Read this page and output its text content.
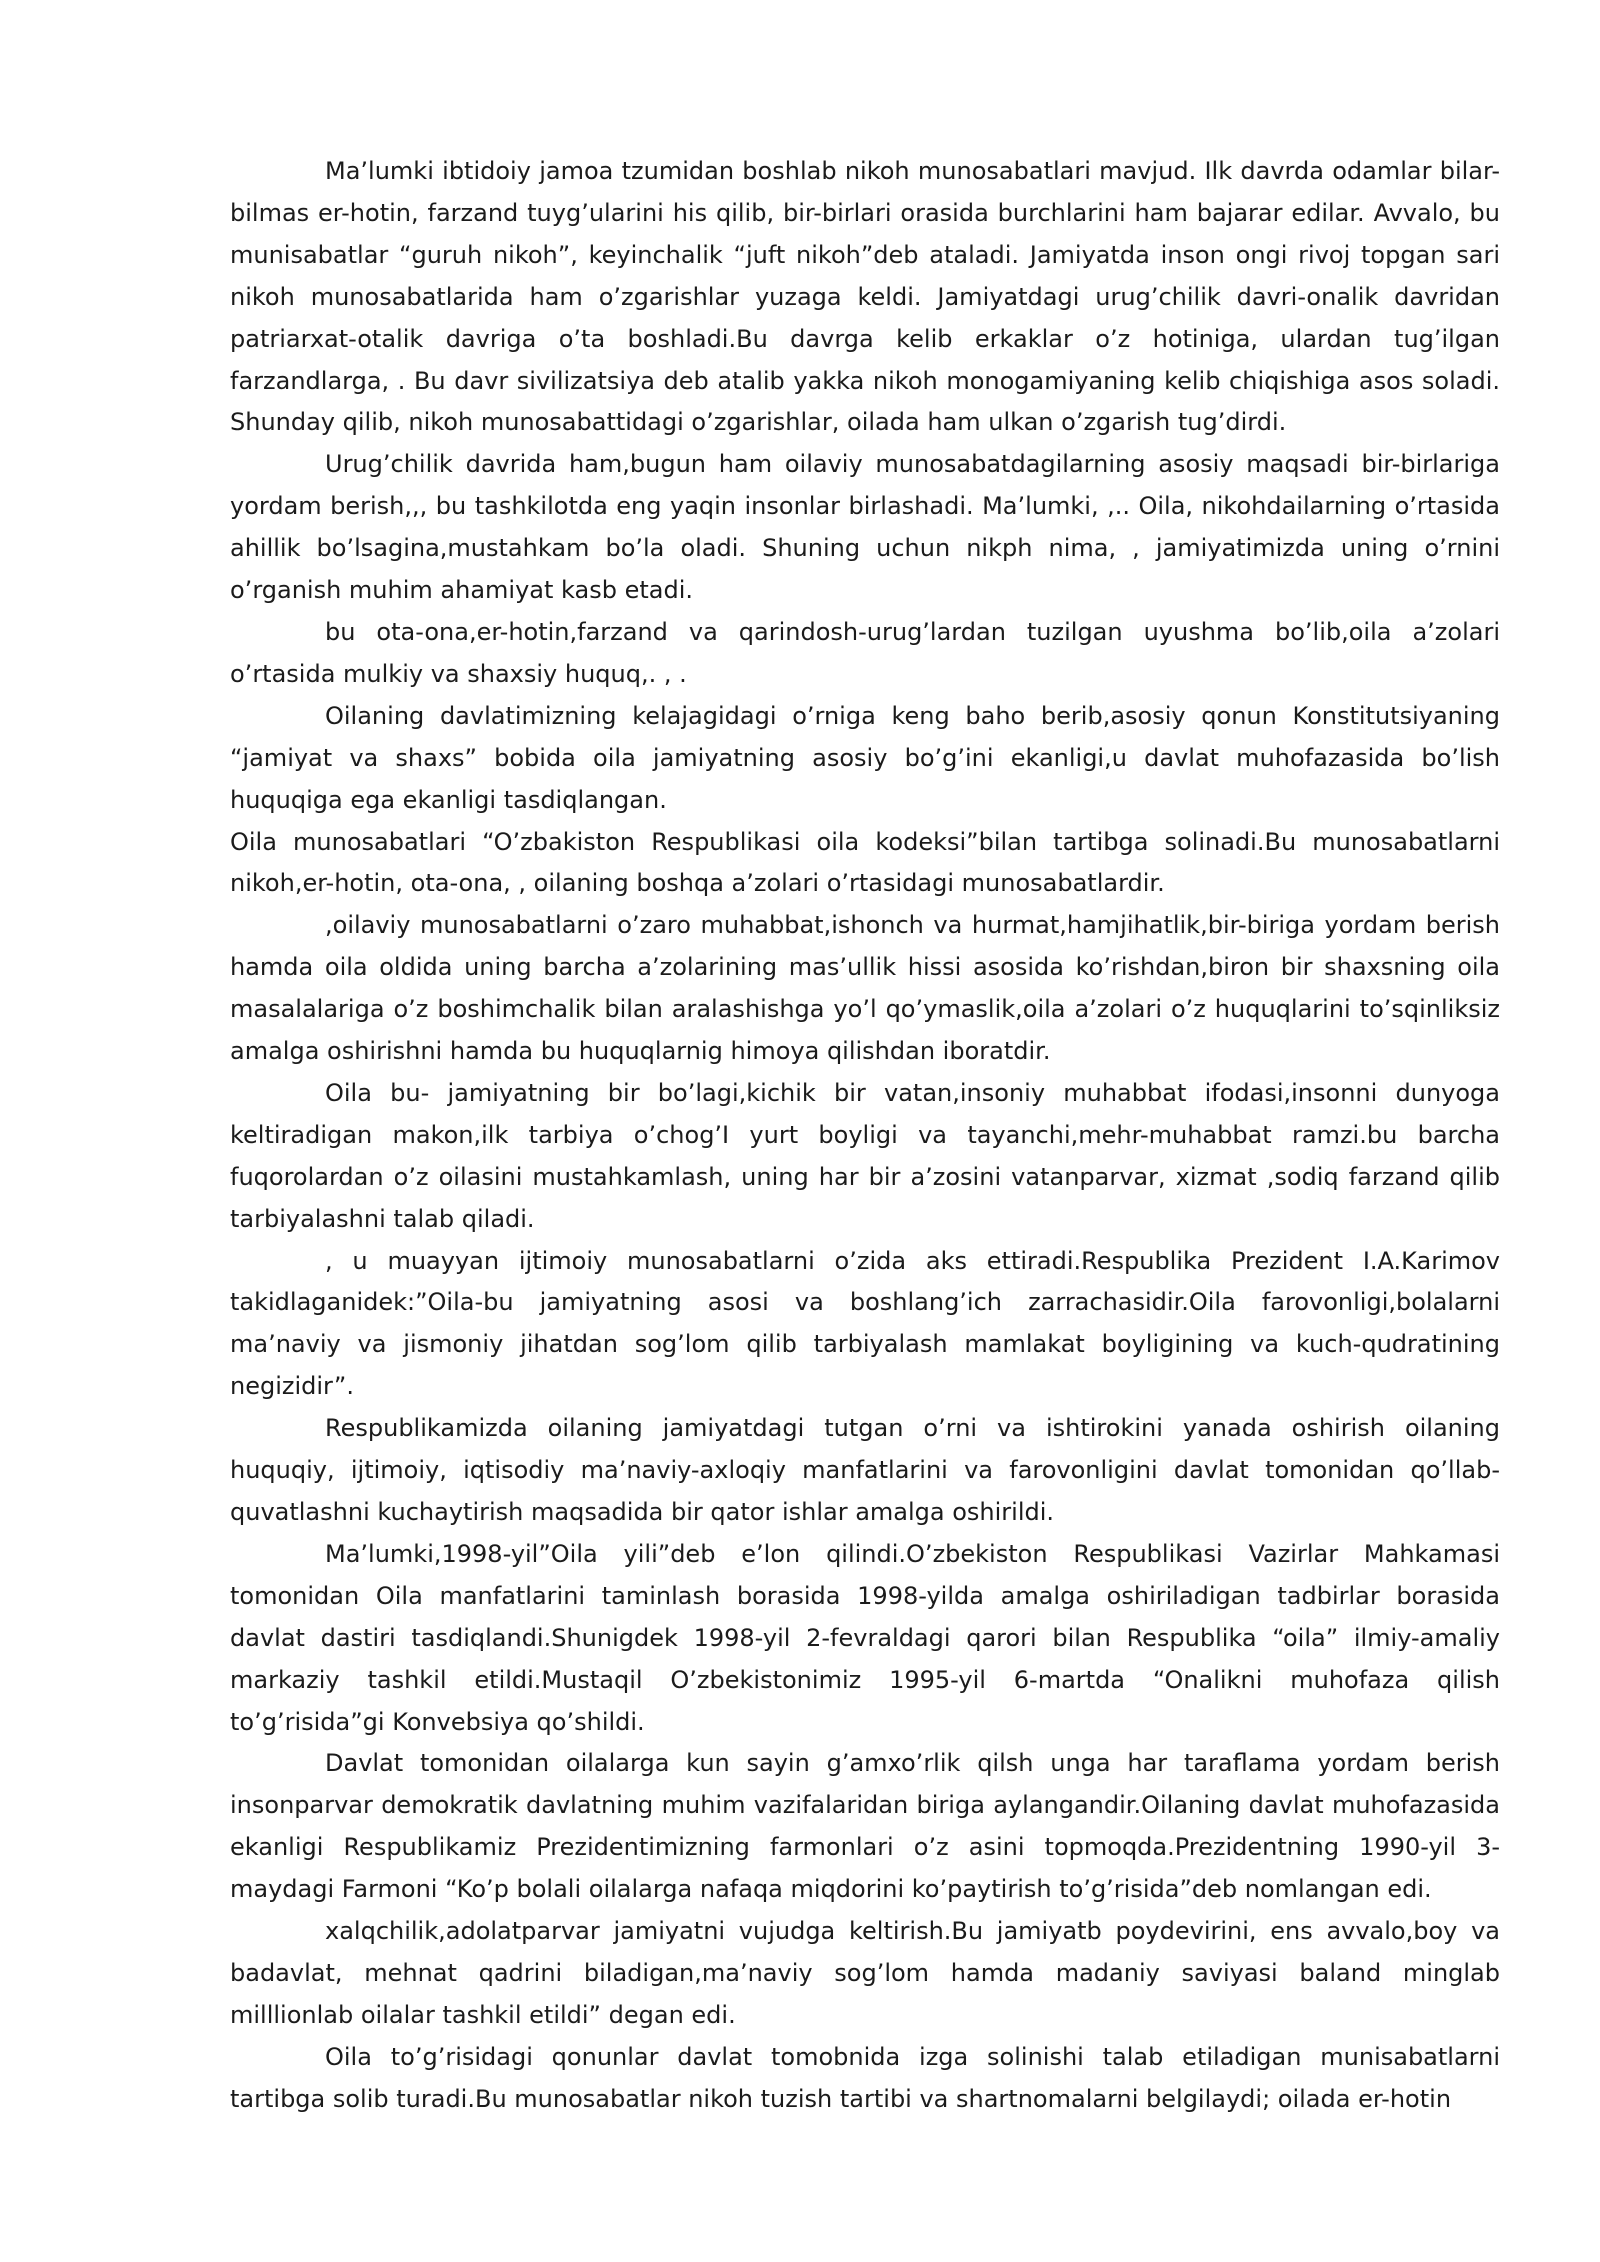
Ma’lumki ibtidoiy jamoa tzumidan boshlab nikoh munosabatlari mavjud. Ilk davrda odamlar bilar-bilmas er-hotin, farzand tuyg’ularini his qilib, bir-birlari orasida burchlarini ham bajarar edilar. Avvalo, bu munisabatlar “guruh nikoh”, keyinchalik “juft nikoh”deb ataladi. Jamiyatda inson ongi rivoj topgan sari nikoh munosabatlarida ham o’zgarishlar yuzaga keldi. Jamiyatdagi urug’chilik davri-onalik davridan patriarxat-otalik davriga o’ta boshladi.Bu davrga kelib erkaklar o’z hotiniga, ulardan tug’ilgan farzandlarga, . Bu davr sivilizatsiya deb atalib yakka nikoh monogamiyaning kelib chiqishiga asos soladi. Shunday qilib, nikoh munosabattidagi o’zgarishlar, oilada ham ulkan o’zgarish tug’dirdi.

Urug’chilik davrida ham,bugun ham oilaviy munosabatdagilarning asosiy maqsadi bir-birlariga yordam berish,,, bu tashkilotda eng yaqin insonlar birlashadi. Ma’lumki, ,.. Oila, nikohdailarning o’rtasida ahillik bo’lsagina,mustahkam bo’la oladi. Shuning uchun nikph nima, , jamiyatimizda uning o’rnini o’rganish muhim ahamiyat kasb etadi.

bu ota-ona,er-hotin,farzand va qarindosh-urug’lardan tuzilgan uyushma bo’lib,oila a’zolari o’rtasida mulkiy va shaxsiy huquq,. , .

Oilaning davlatimizning kelajagidagi o’rniga keng baho berib,asosiy qonun Konstitutsiyaning “jamiyat va shaxs” bobida oila jamiyatning asosiy bo’g’ini ekanligi,u davlat muhofazasida bo’lish huquqiga ega ekanligi tasdiqlangan.

Oila munosabatlari “O’zbakiston Respublikasi oila kodeksi”bilan tartibga solinadi.Bu munosabatlarni nikoh,er-hotin, ota-ona, , oilaning boshqa a’zolari o’rtasidagi munosabatlardir.

,oilaviy munosabatlarni o’zaro muhabbat,ishonch va hurmat,hamjihatlik,bir-biriga yordam berish hamda oila oldida uning barcha a’zolarining mas’ullik hissi asosida ko’rishdan,biron bir shaxsning oila masalalariga o’z boshimchalik bilan aralashishga yo’l qo’ymaslik,oila a’zolari o’z huquqlarini to’sqinliksiz amalga oshirishni hamda bu huquqlarnig himoya qilishdan iboratdir.

Oila bu- jamiyatning bir bo’lagi,kichik bir vatan,insoniy muhabbat ifodasi,insonni dunyoga keltiradigan makon,ilk tarbiya o’chog’I yurt boyligi va tayanchi,mehr-muhabbat ramzi.bu barcha fuqorolardan o’z oilasini mustahkamlash, uning har bir a’zosini vatanparvar, xizmat ,sodiq farzand qilib tarbiyalashni talab qiladi.

, u muayyan ijtimoiy munosabatlarni o’zida aks ettiradi.Respublika Prezident I.A.Karimov takidlaganidek:”Oila-bu jamiyatning asosi va boshlang’ich zarrachasidir.Oila farovonligi,bolalarni ma’naviy va jismoniy jihatdan sog’lom qilib tarbiyalash mamlakat boyligining va kuch-qudratining negizidir”.

Respublikamizda oilaning jamiyatdagi tutgan o’rni va ishtirokini yanada oshirish oilaning huquqiy, ijtimoiy, iqtisodiy ma’naviy-axloqiy manfatlarini va farovonligini davlat tomonidan qo’llab-quvatlashni kuchaytirish maqsadida bir qator ishlar amalga oshirildi.

Ma’lumki,1998-yil”Oila yili”deb e’lon qilindi.O’zbekiston Respublikasi Vazirlar Mahkamasi tomonidan Oila manfatlarini taminlash borasida 1998-yilda amalga oshiriladigan tadbirlar borasida davlat dastiri tasdiqlandi.Shunigdek 1998-yil 2-fevraldagi qarori bilan Respublika “oila” ilmiy-amaliy markaziy tashkil etildi.Mustaqil O’zbekistonimiz 1995-yil 6-martda “Onalikni muhofaza qilish to’g’risida”gi Konvebsiya qo’shildi.

Davlat tomonidan oilalarga kun sayin g’amxo’rlik qilsh unga har taraflama yordam berish insonparvar demokratik davlatning muhim vazifalaridan biriga aylangandir.Oilaning davlat muhofazasida ekanligi Respublikamiz Prezidentimizning farmonlari o’z asini topmoqda.Prezidentning 1990-yil 3-maydagi Farmoni “Ko’p bolali oilalarga nafaqa miqdorini ko’paytirish to’g’risida”deb nomlangan edi.

xalqchilik,adolatparvar jamiyatni vujudga keltirish.Bu jamiyatb poydevirini, ens avvalo,boy va badavlat, mehnat qadrini biladigan,ma’naviy sog’lom hamda madaniy saviyasi baland minglab milllionlab oilalar tashkil etildi” degan edi.

Oila to’g’risidagi qonunlar davlat tomobnida izga solinishi talab etiladigan munisabatlarni tartibga solib turadi.Bu munosabatlar nikoh tuzish tartibi va shartnomalarni belgilaydi; oilada er-hotin
